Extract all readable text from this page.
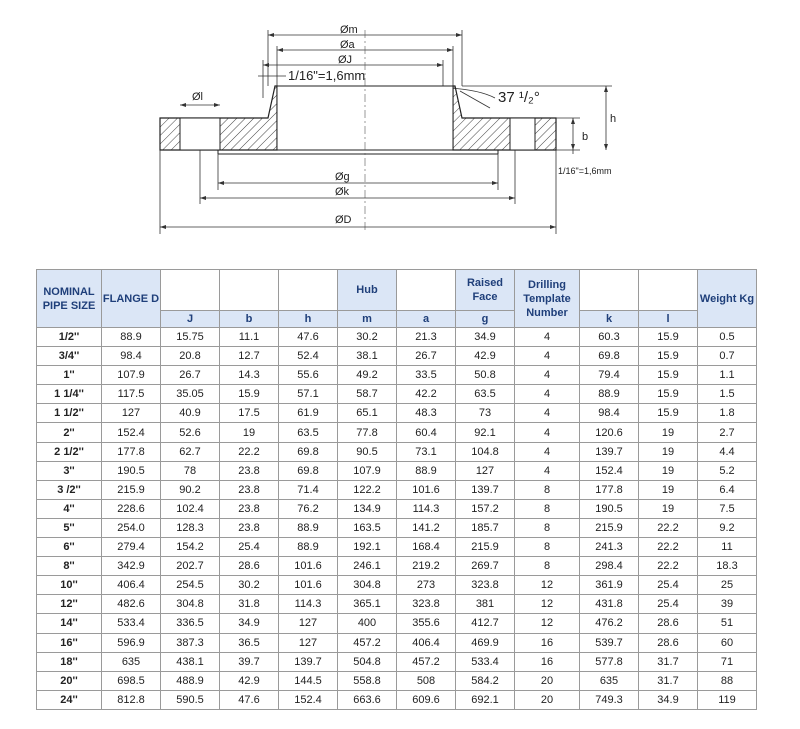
Øm
Øa
ØJ
1/16"=1,6mm
37 ¹/₂°
Øl
h
b
1/16"=1,6mm
Øg
Øk
ØD
NOMINAL PIPE SIZE	FLANGE D				Hub		Raised Face	Drilling Template Number			Weight Kg
		J	b	h	m	a	g		k	l	
1/2''	88.9	15.75	11.1	47.6	30.2	21.3	34.9	4	60.3	15.9	0.5
3/4''	98.4	20.8	12.7	52.4	38.1	26.7	42.9	4	69.8	15.9	0.7
1''	107.9	26.7	14.3	55.6	49.2	33.5	50.8	4	79.4	15.9	1.1
1 1/4''	117.5	35.05	15.9	57.1	58.7	42.2	63.5	4	88.9	15.9	1.5
1 1/2''	127	40.9	17.5	61.9	65.1	48.3	73	4	98.4	15.9	1.8
2''	152.4	52.6	19	63.5	77.8	60.4	92.1	4	120.6	19	2.7
2 1/2''	177.8	62.7	22.2	69.8	90.5	73.1	104.8	4	139.7	19	4.4
3''	190.5	78	23.8	69.8	107.9	88.9	127	4	152.4	19	5.2
3 /2''	215.9	90.2	23.8	71.4	122.2	101.6	139.7	8	177.8	19	6.4
4''	228.6	102.4	23.8	76.2	134.9	114.3	157.2	8	190.5	19	7.5
5''	254.0	128.3	23.8	88.9	163.5	141.2	185.7	8	215.9	22.2	9.2
6''	279.4	154.2	25.4	88.9	192.1	168.4	215.9	8	241.3	22.2	11
8''	342.9	202.7	28.6	101.6	246.1	219.2	269.7	8	298.4	22.2	18.3
10''	406.4	254.5	30.2	101.6	304.8	273	323.8	12	361.9	25.4	25
12''	482.6	304.8	31.8	114.3	365.1	323.8	381	12	431.8	25.4	39
14''	533.4	336.5	34.9	127	400	355.6	412.7	12	476.2	28.6	51
16''	596.9	387.3	36.5	127	457.2	406.4	469.9	16	539.7	28.6	60
18''	635	438.1	39.7	139.7	504.8	457.2	533.4	16	577.8	31.7	71
20''	698.5	488.9	42.9	144.5	558.8	508	584.2	20	635	31.7	88
24''	812.8	590.5	47.6	152.4	663.6	609.6	692.1	20	749.3	34.9	119
